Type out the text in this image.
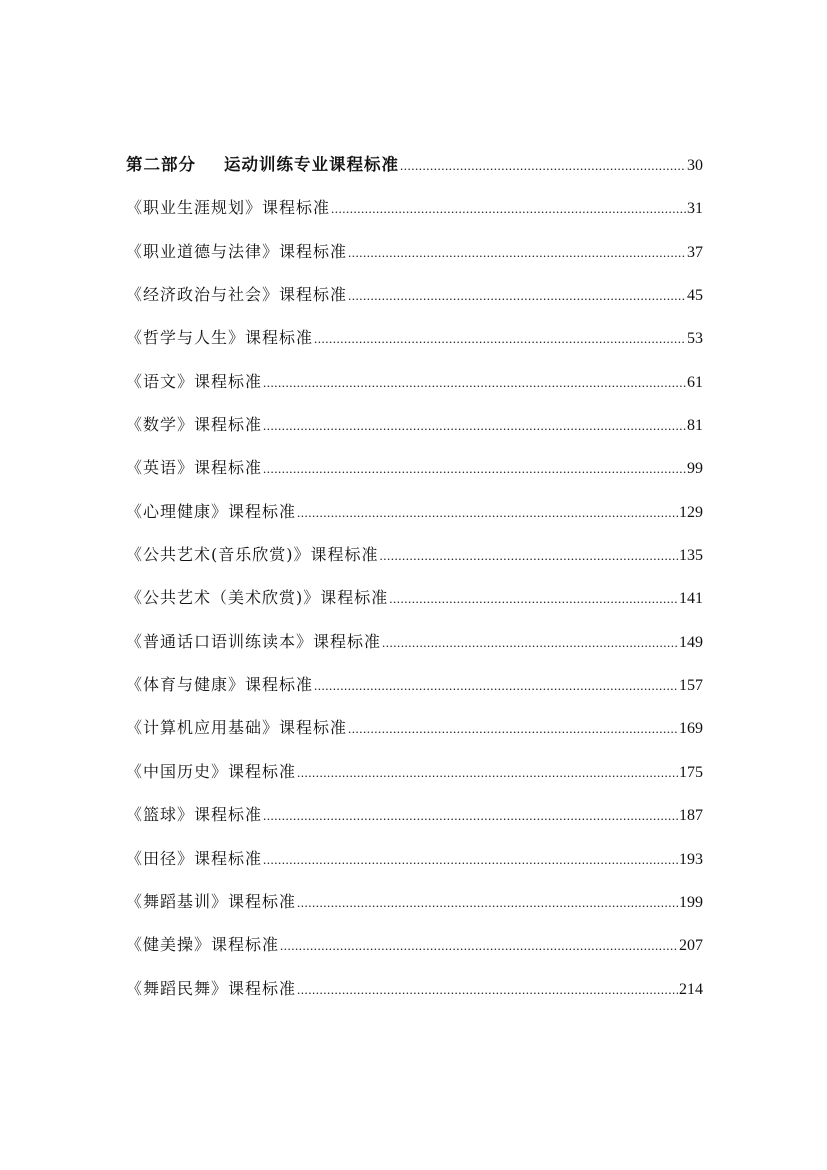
第二部分 运动训练专业课程标准 .....	30
《职业生涯规划》课程标准 .....	31
《职业道德与法律》课程标准 .....	37
《经济政治与社会》课程标准 .....	45
《哲学与人生》课程标准 .....	53
《语文》课程标准 .....	61
《数学》课程标准 .....	81
《英语》课程标准 .....	99
《心理健康》课程标准 .....	129
《公共艺术(音乐欣赏)》课程标准 .....	135
《公共艺术（美术欣赏)》课程标准 .....	141
《普通话口语训练读本》课程标准 .....	149
《体育与健康》课程标准 .....	157
《计算机应用基础》课程标准 .....	169
《中国历史》课程标准 .....	175
《篮球》课程标准 .....	187
《田径》课程标准 .....	193
《舞蹈基训》课程标准 .....	199
《健美操》课程标准 .....	207
《舞蹈民舞》课程标准 .....	214
